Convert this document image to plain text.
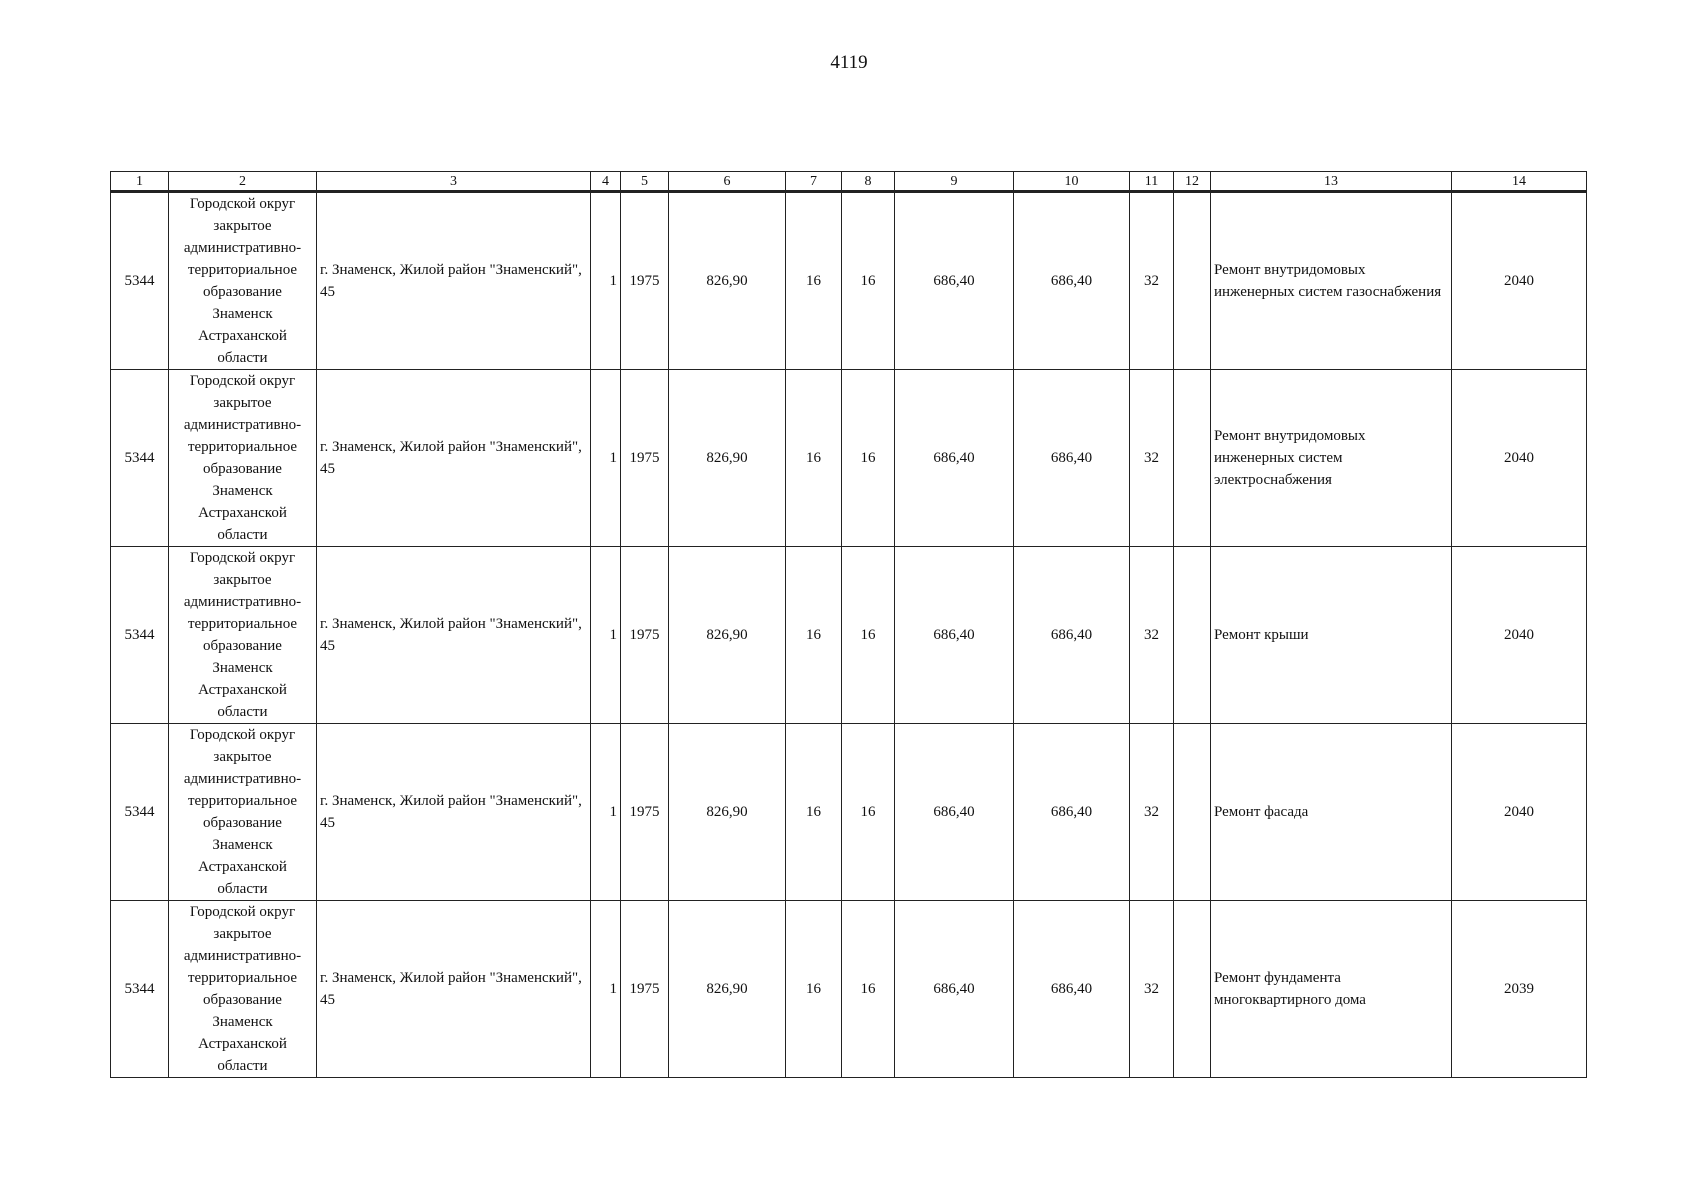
4119
1	2	3	4	5	6	7	8	9	10	11	12	13	14
5344	Городской округ закрытое административно-территориальное образование Знаменск Астраханской области	г. Знаменск, Жилой район "Знаменский", 45	1	1975	826,90	16	16	686,40	686,40	32		Ремонт внутридомовых инженерных систем газоснабжения	2040
5344	Городской округ закрытое административно-территориальное образование Знаменск Астраханской области	г. Знаменск, Жилой район "Знаменский", 45	1	1975	826,90	16	16	686,40	686,40	32		Ремонт внутридомовых инженерных систем электроснабжения	2040
5344	Городской округ закрытое административно-территориальное образование Знаменск Астраханской области	г. Знаменск, Жилой район "Знаменский", 45	1	1975	826,90	16	16	686,40	686,40	32		Ремонт крыши	2040
5344	Городской округ закрытое административно-территориальное образование Знаменск Астраханской области	г. Знаменск, Жилой район "Знаменский", 45	1	1975	826,90	16	16	686,40	686,40	32		Ремонт фасада	2040
5344	Городской округ закрытое административно-территориальное образование Знаменск Астраханской области	г. Знаменск, Жилой район "Знаменский", 45	1	1975	826,90	16	16	686,40	686,40	32		Ремонт фундамента многоквартирного дома	2039
